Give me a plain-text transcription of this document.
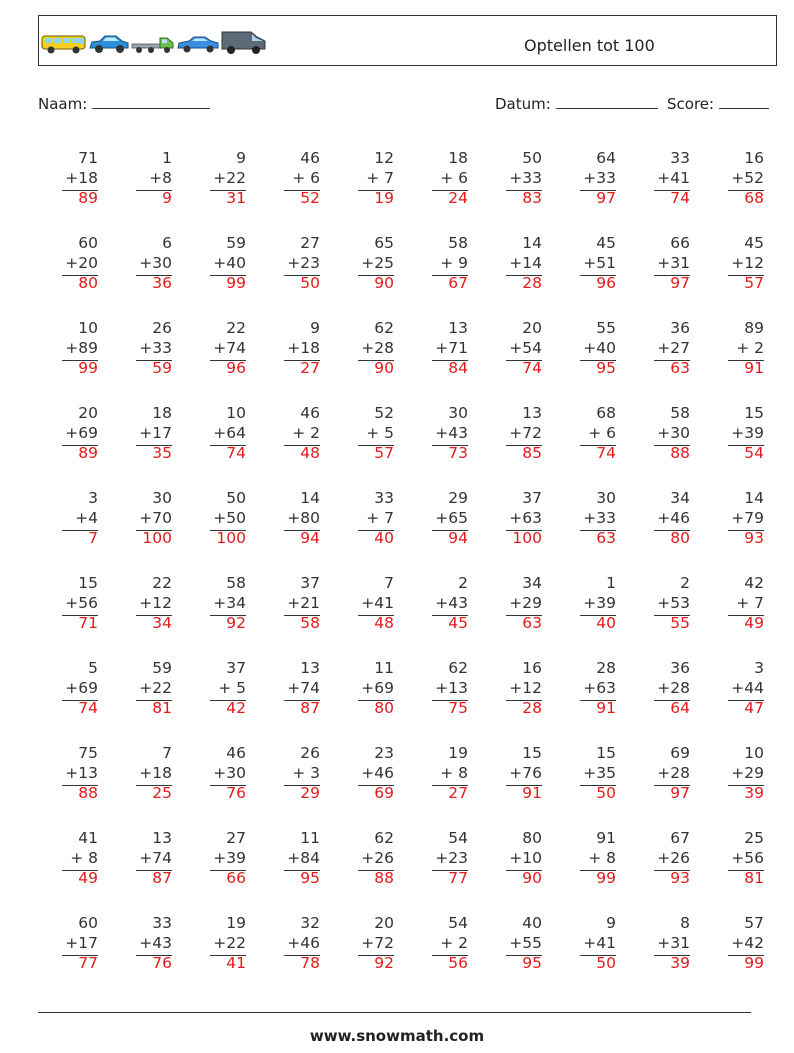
Optellen tot 100
Naam:	Datum:	Score:
71
+18
89
1
+8
9
9
+22
31
46
+ 6
52
12
+ 7
19
18
+ 6
24
50
+33
83
64
+33
97
33
+41
74
16
+52
68
60
+20
80
6
+30
36
59
+40
99
27
+23
50
65
+25
90
58
+ 9
67
14
+14
28
45
+51
96
66
+31
97
45
+12
57
10
+89
99
26
+33
59
22
+74
96
9
+18
27
62
+28
90
13
+71
84
20
+54
74
55
+40
95
36
+27
63
89
+ 2
91
20
+69
89
18
+17
35
10
+64
74
46
+ 2
48
52
+ 5
57
30
+43
73
13
+72
85
68
+ 6
74
58
+30
88
15
+39
54
3
+4
7
30
+70
100
50
+50
100
14
+80
94
33
+ 7
40
29
+65
94
37
+63
100
30
+33
63
34
+46
80
14
+79
93
15
+56
71
22
+12
34
58
+34
92
37
+21
58
7
+41
48
2
+43
45
34
+29
63
1
+39
40
2
+53
55
42
+ 7
49
5
+69
74
59
+22
81
37
+ 5
42
13
+74
87
11
+69
80
62
+13
75
16
+12
28
28
+63
91
36
+28
64
3
+44
47
75
+13
88
7
+18
25
46
+30
76
26
+ 3
29
23
+46
69
19
+ 8
27
15
+76
91
15
+35
50
69
+28
97
10
+29
39
41
+ 8
49
13
+74
87
27
+39
66
11
+84
95
62
+26
88
54
+23
77
80
+10
90
91
+ 8
99
67
+26
93
25
+56
81
60
+17
77
33
+43
76
19
+22
41
32
+46
78
20
+72
92
54
+ 2
56
40
+55
95
9
+41
50
8
+31
39
57
+42
99
www.snowmath.com
